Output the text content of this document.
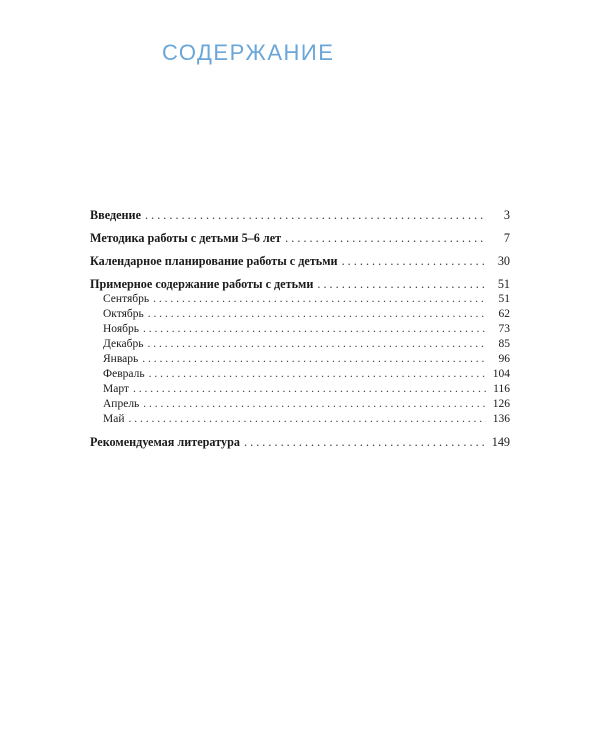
СОДЕРЖАНИЕ
Введение . . .	3
Методика работы с детьми 5–6 лет . . .	7
Календарное планирование работы с детьми . . .	30
Примерное содержание работы с детьми . . .	51
Сентябрь . . .	51
Октябрь . . .	62
Ноябрь . . .	73
Декабрь . . .	85
Январь . . .	96
Февраль . . .	104
Март . . .	116
Апрель . . .	126
Май . . .	136
Рекомендуемая литература . . .	149
